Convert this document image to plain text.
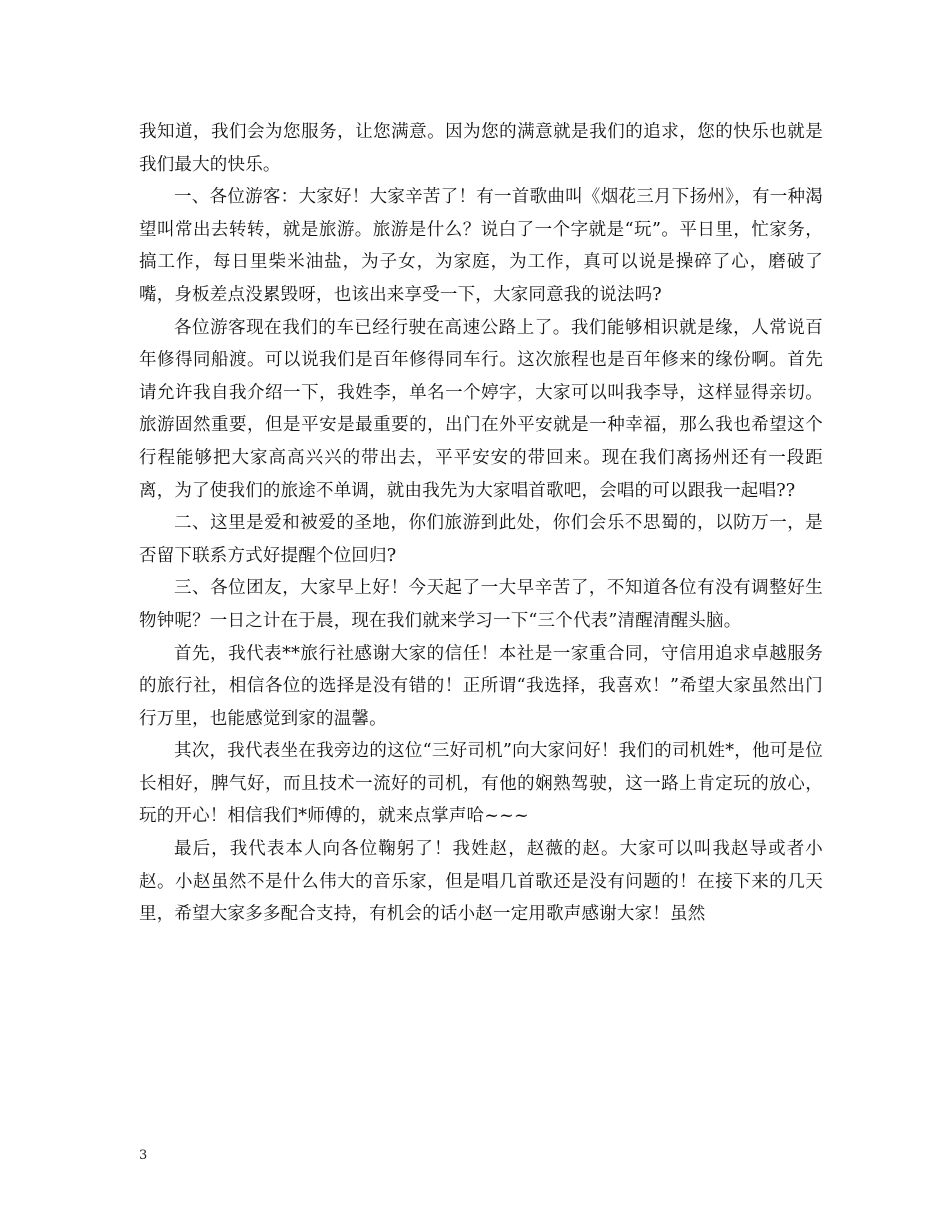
我知道，我们会为您服务，让您满意。因为您的满意就是我们的追求，您的快乐也就是我们最大的快乐。

一、各位游客：大家好！大家辛苦了！有一首歌曲叫《烟花三月下扬州》，有一种渴望叫常出去转转，就是旅游。旅游是什么？说白了一个字就是“玩”。平日里，忙家务，搞工作，每日里柴米油盐，为子女，为家庭，为工作，真可以说是操碎了心，磨破了嘴，身板差点没累毁呀，也该出来享受一下，大家同意我的说法吗?

各位游客现在我们的车已经行驶在高速公路上了。我们能够相识就是缘，人常说百年修得同船渡。可以说我们是百年修得同车行。这次旅程也是百年修来的缘份啊。首先请允许我自我介绍一下，我姓李，单名一个婷字，大家可以叫我李导，这样显得亲切。旅游固然重要，但是平安是最重要的，出门在外平安就是一种幸福，那么我也希望这个行程能够把大家高高兴兴的带出去，平平安安的带回来。现在我们离扬州还有一段距离，为了使我们的旅途不单调，就由我先为大家唱首歌吧，会唱的可以跟我一起唱??

二、这里是爱和被爱的圣地，你们旅游到此处，你们会乐不思蜀的，以防万一，是否留下联系方式好提醒个位回归?

三、各位团友，大家早上好！今天起了一大早辛苦了，不知道各位有没有调整好生物钟呢？一日之计在于晨，现在我们就来学习一下“三个代表”清醒清醒头脑。

首先，我代表**旅行社感谢大家的信任！本社是一家重合同，守信用追求卓越服务的旅行社，相信各位的选择是没有错的！正所谓“我选择，我喜欢！”希望大家虽然出门行万里，也能感觉到家的温馨。

其次，我代表坐在我旁边的这位“三好司机”向大家问好！我们的司机姓*，他可是位长相好，脾气好，而且技术一流好的司机，有他的娴熟驾驶，这一路上肯定玩的放心，玩的开心！相信我们*师傅的，就来点掌声哈~~~

最后，我代表本人向各位鞠躬了！我姓赵，赵薇的赵。大家可以叫我赵导或者小赵。小赵虽然不是什么伟大的音乐家，但是唱几首歌还是没有问题的！在接下来的几天里，希望大家多多配合支持，有机会的话小赵一定用歌声感谢大家！虽然

3
